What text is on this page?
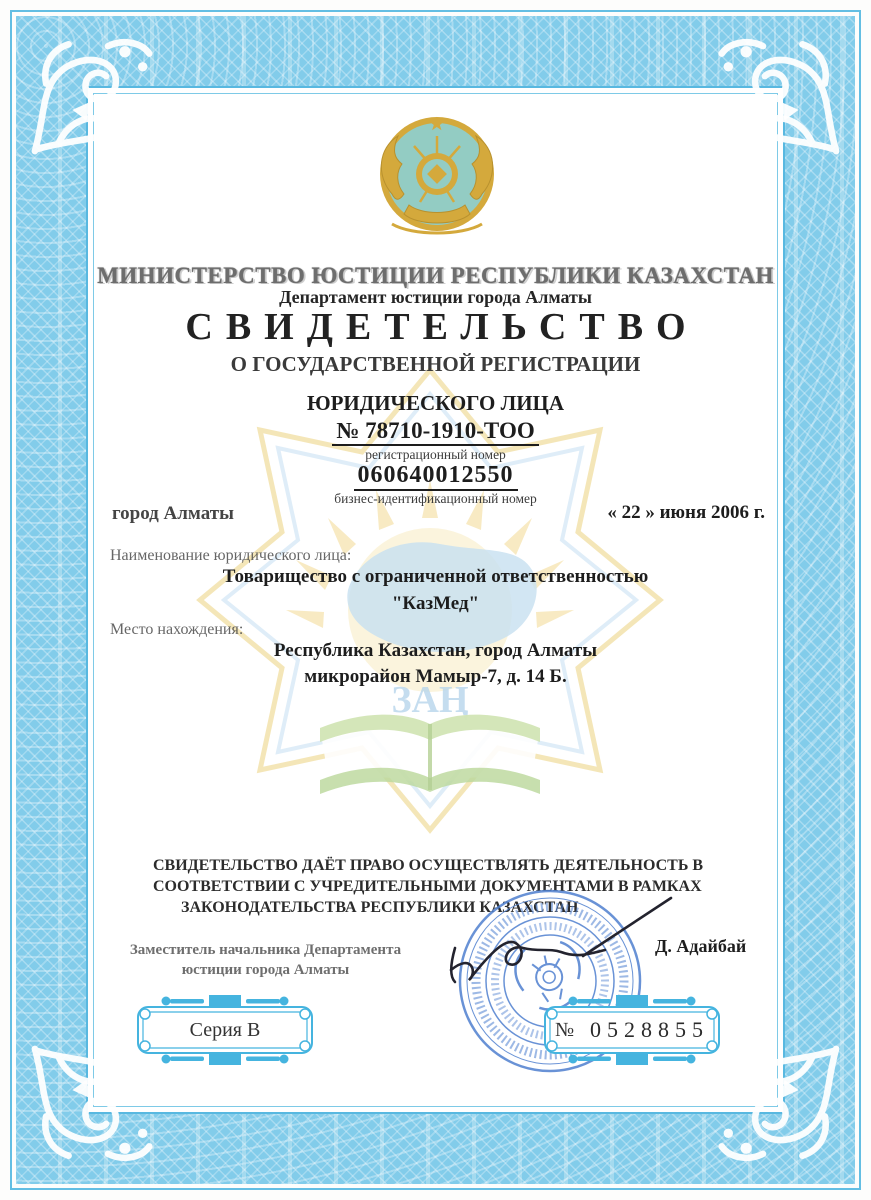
ЗАҢ
МИНИСТЕРСТВО ЮСТИЦИИ РЕСПУБЛИКИ КАЗАХСТАН
Департамент юстиции города Алматы
СВИДЕТЕЛЬСТВО
О ГОСУДАРСТВЕННОЙ РЕГИСТРАЦИИ
ЮРИДИЧЕСКОГО ЛИЦА
№ 78710-1910-ТОО
регистрационный номер
060640012550
бизнес-идентификационный номер
город Алматы	« 22 » июня 2006 г.
Наименование юридического лица:
Товарищество с ограниченной ответственностью
"КазМед"
Место нахождения:
Республика Казахстан, город Алматы
микрорайон Мамыр-7, д. 14 Б.
СВИДЕТЕЛЬСТВО ДАЁТ ПРАВО ОСУЩЕСТВЛЯТЬ ДЕЯТЕЛЬНОСТЬ В
СООТВЕТСТВИИ С УЧРЕДИТЕЛЬНЫМИ ДОКУМЕНТАМИ В РАМКАХ
ЗАКОНОДАТЕЛЬСТВА РЕСПУБЛИКИ КАЗАХСТАН
Заместитель начальника Департамента
юстиции города Алматы
Д. Адайбай
Серия В	№ 0528855
